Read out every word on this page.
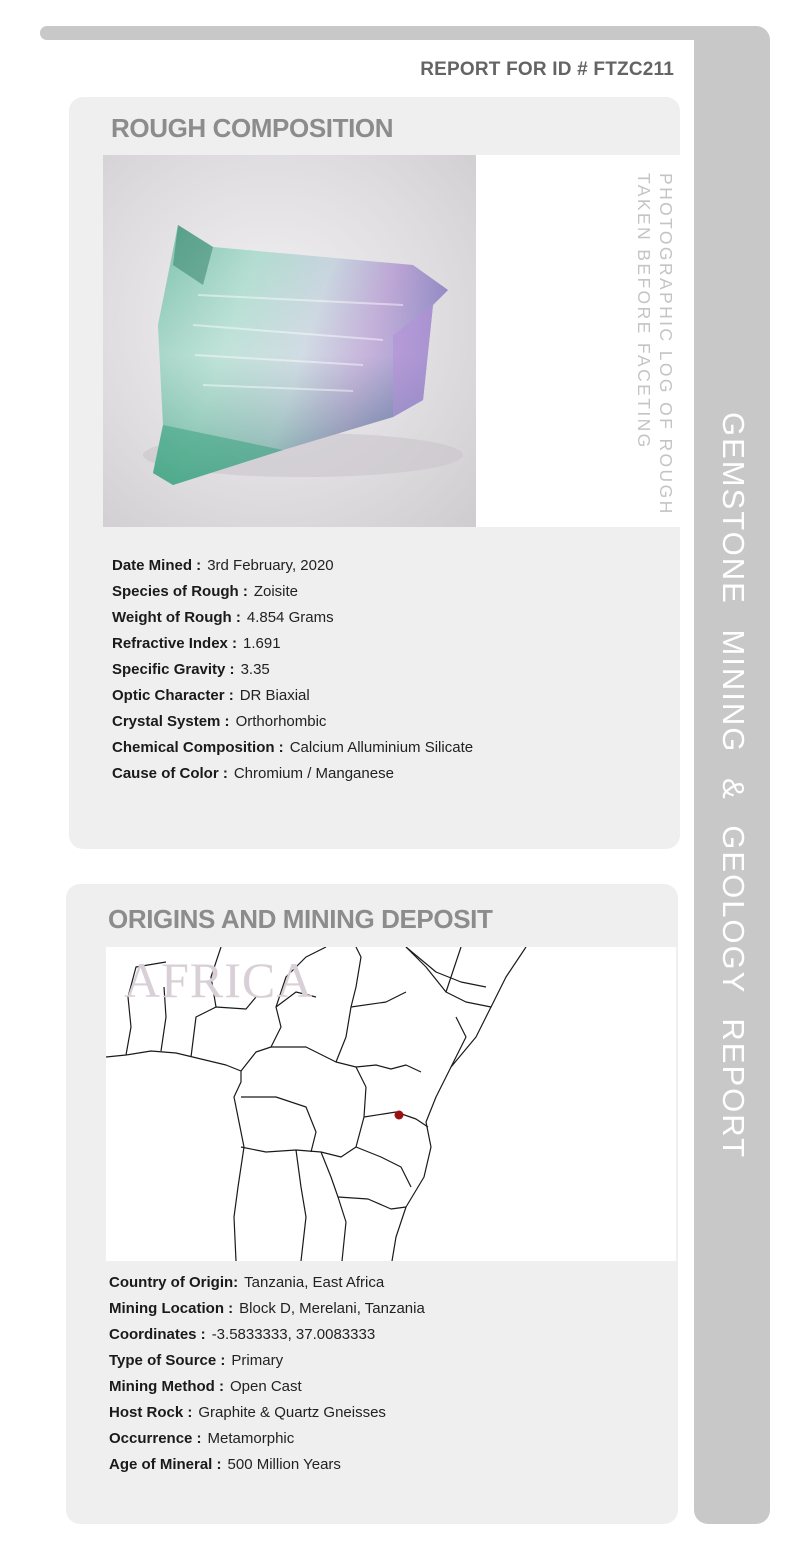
GEMSTONE MINING & GEOLOGY REPORT
REPORT FOR ID # FTZC211
ROUGH COMPOSITION
PHOTOGRAPHIC LOG OF ROUGH
TAKEN BEFORE FACETING
Date Mined : 3rd February, 2020
Species of Rough : Zoisite
Weight of Rough : 4.854 Grams
Refractive Index : 1.691
Specific Gravity : 3.35
Optic Character : DR Biaxial
Crystal System : Orthorhombic
Chemical Composition : Calcium Alluminium Silicate
Cause of Color : Chromium / Manganese
ORIGINS AND MINING DEPOSIT
AFRICA
Country of Origin: Tanzania, East Africa
Mining Location : Block D, Merelani, Tanzania
Coordinates : -3.5833333, 37.0083333
Type of Source : Primary
Mining Method : Open Cast
Host Rock : Graphite & Quartz Gneisses
Occurrence : Metamorphic
Age of Mineral : 500 Million Years
